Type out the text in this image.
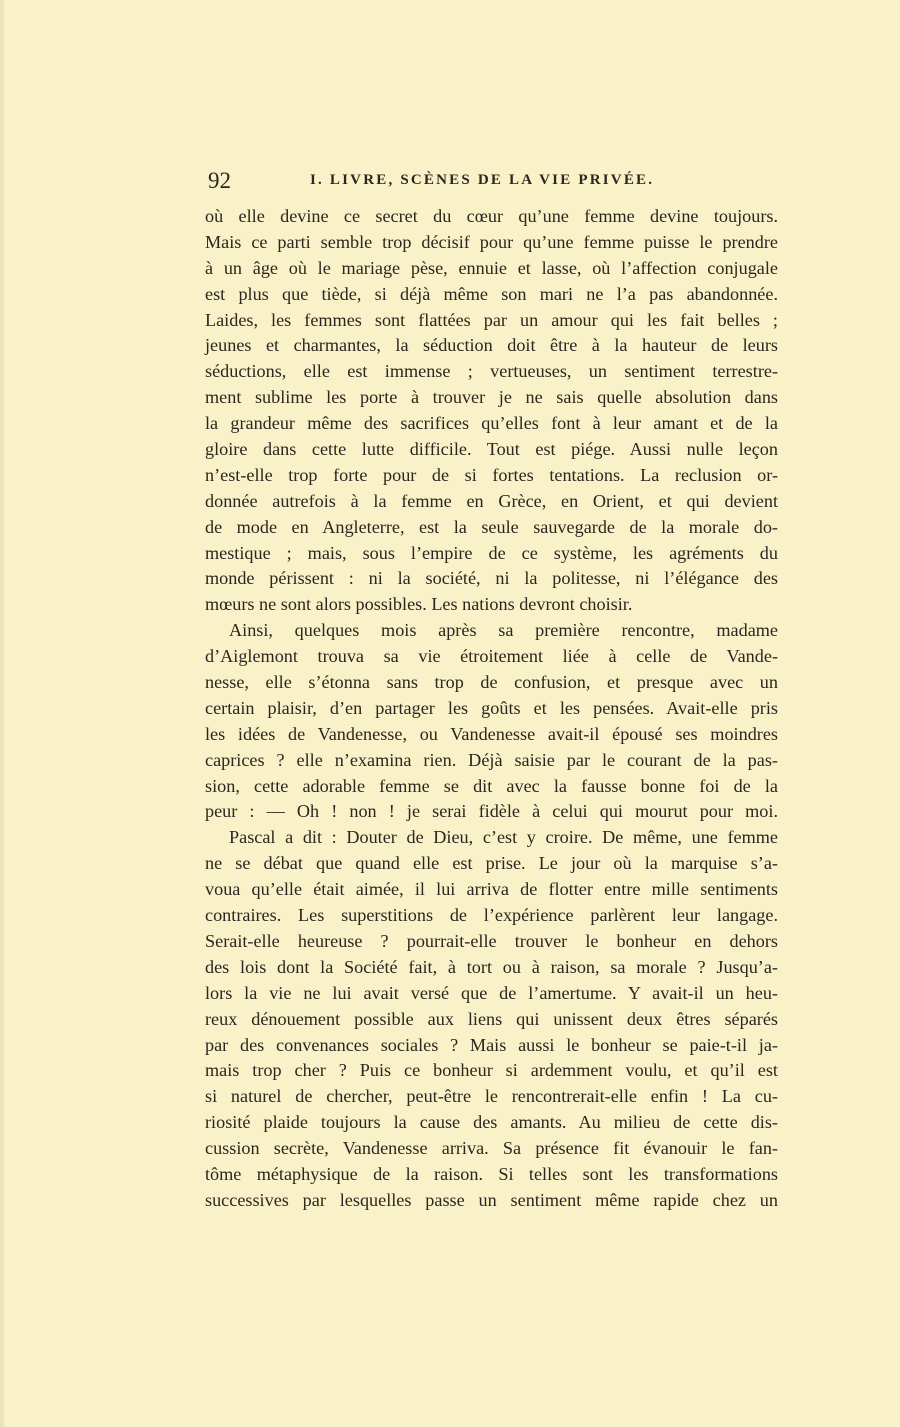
92	I. LIVRE, SCÈNES DE LA VIE PRIVÉE.
où elle devine ce secret du cœur qu’une femme devine toujours.
Mais ce parti semble trop décisif pour qu’une femme puisse le prendre
à un âge où le mariage pèse, ennuie et lasse, où l’affection conjugale
est plus que tiède, si déjà même son mari ne l’a pas abandonnée.
Laides, les femmes sont flattées par un amour qui les fait belles ;
jeunes et charmantes, la séduction doit être à la hauteur de leurs
séductions, elle est immense ; vertueuses, un sentiment terrestre-
ment sublime les porte à trouver je ne sais quelle absolution dans
la grandeur même des sacrifices qu’elles font à leur amant et de la
gloire dans cette lutte difficile. Tout est piége. Aussi nulle leçon
n’est-elle trop forte pour de si fortes tentations. La reclusion or-
donnée autrefois à la femme en Grèce, en Orient, et qui devient
de mode en Angleterre, est la seule sauvegarde de la morale do-
mestique ; mais, sous l’empire de ce système, les agréments du
monde périssent : ni la société, ni la politesse, ni l’élégance des
mœurs ne sont alors possibles. Les nations devront choisir.
Ainsi, quelques mois après sa première rencontre, madame
d’Aiglemont trouva sa vie étroitement liée à celle de Vande-
nesse, elle s’étonna sans trop de confusion, et presque avec un
certain plaisir, d’en partager les goûts et les pensées. Avait-elle pris
les idées de Vandenesse, ou Vandenesse avait-il épousé ses moindres
caprices ? elle n’examina rien. Déjà saisie par le courant de la pas-
sion, cette adorable femme se dit avec la fausse bonne foi de la
peur : — Oh ! non ! je serai fidèle à celui qui mourut pour moi.
Pascal a dit : Douter de Dieu, c’est y croire. De même, une femme
ne se débat que quand elle est prise. Le jour où la marquise s’a-
voua qu’elle était aimée, il lui arriva de flotter entre mille sentiments
contraires. Les superstitions de l’expérience parlèrent leur langage.
Serait-elle heureuse ? pourrait-elle trouver le bonheur en dehors
des lois dont la Société fait, à tort ou à raison, sa morale ? Jusqu’a-
lors la vie ne lui avait versé que de l’amertume. Y avait-il un heu-
reux dénouement possible aux liens qui unissent deux êtres séparés
par des convenances sociales ? Mais aussi le bonheur se paie-t-il ja-
mais trop cher ? Puis ce bonheur si ardemment voulu, et qu’il est
si naturel de chercher, peut-être le rencontrerait-elle enfin ! La cu-
riosité plaide toujours la cause des amants. Au milieu de cette dis-
cussion secrète, Vandenesse arriva. Sa présence fit évanouir le fan-
tôme métaphysique de la raison. Si telles sont les transformations
successives par lesquelles passe un sentiment même rapide chez un
